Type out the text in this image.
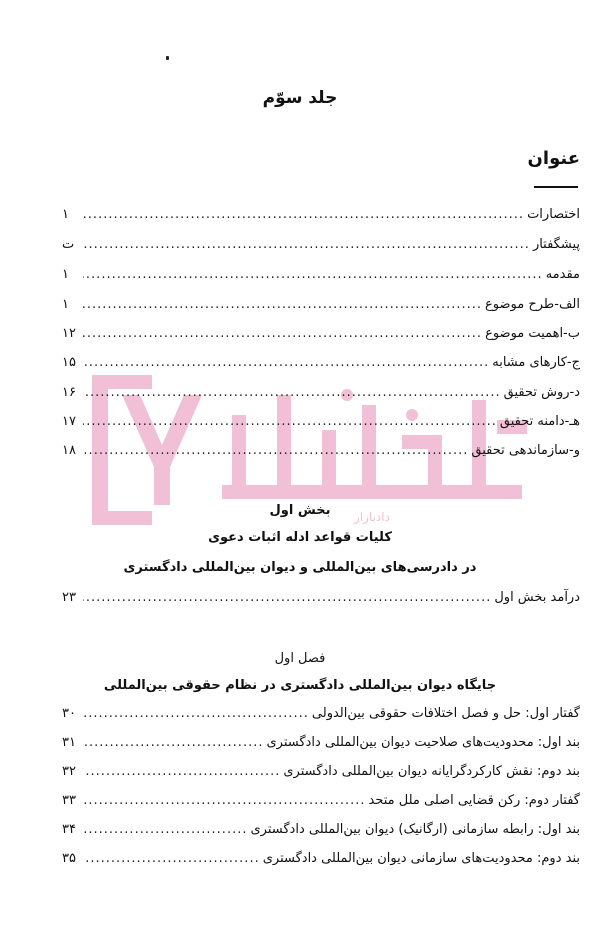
جلد سوّم
عنوان
دادبازار
اختصارات
.....
۱
پیشگفتار
.....
ت
مقدمه
.....
۱
الف-طرح موضوع
.....
۱
ب-اهمیت موضوع
.....
۱۲
ج-کارهای مشابه
.....
۱۵
د-روش تحقیق
.....
۱۶
هـ-دامنه تحقیق
.....
۱۷
و-سازماندهی تحقیق
.....
۱۸
بخش اول
کلیات قواعد ادله اثبات دعوی
در دادرسی‌های بین‌المللی و دیوان بین‌المللی دادگستری
درآمد بخش اول
.....
۲۳
فصل اول
جایگاه دیوان بین‌المللی دادگستری در نظام حقوقی بین‌المللی
گفتار اول: حل و فصل اختلافات حقوقی بین‌الدولی
.....
۳۰
بند اول: محدودیت‌های صلاحیت دیوان بین‌المللی دادگستری
.....
۳۱
بند دوم: نقش کارکردگرایانه دیوان بین‌المللی دادگستری
.....
۳۲
گفتار دوم: رکن قضایی اصلی ملل متحد
.....
۳۳
بند اول: رابطه سازمانی (ارگانیک) دیوان بین‌المللی دادگستری
.....
۳۴
بند دوم: محدودیت‌های سازمانی دیوان بین‌المللی دادگستری
.....
۳۵
